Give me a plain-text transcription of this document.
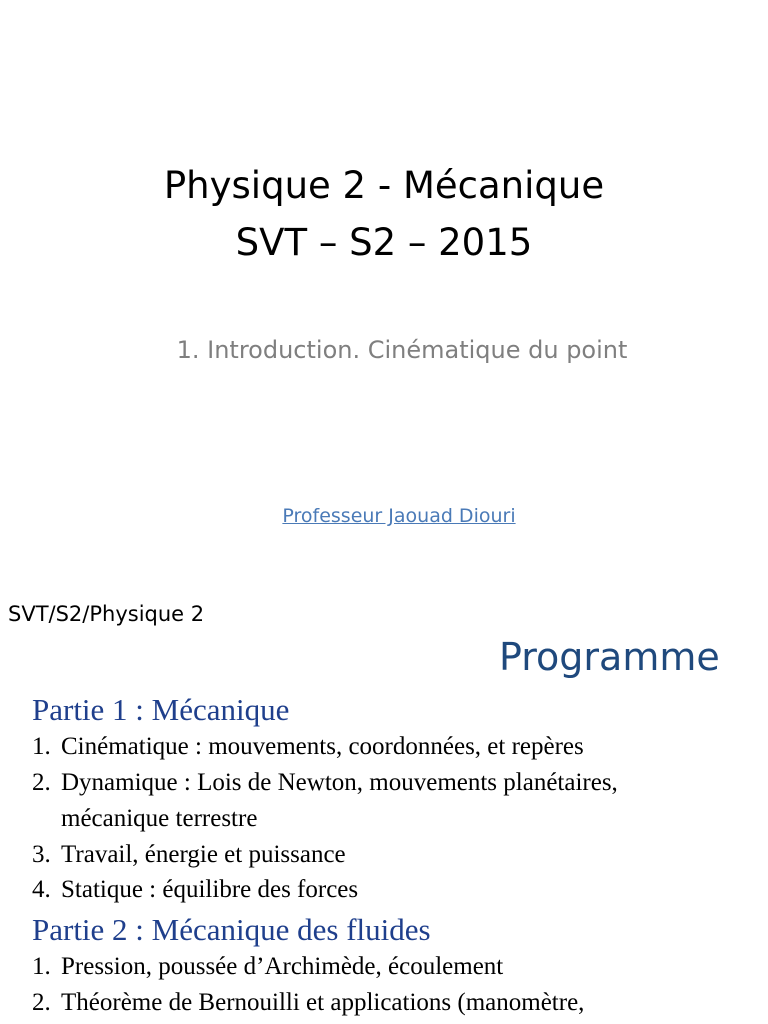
Physique 2 - Mécanique
SVT – S2 – 2015
1. Introduction. Cinématique du point
Professeur Jaouad Diouri
SVT/S2/Physique 2
Programme
Partie 1 : Mécanique
1. Cinématique : mouvements, coordonnées, et repères
2. Dynamique : Lois de Newton, mouvements planétaires,
mécanique terrestre
3. Travail, énergie et puissance
4. Statique : équilibre des forces
Partie 2 : Mécanique des fluides
1. Pression, poussée d’Archimède, écoulement
2. Théorème de Bernouilli et applications (manomètre,
